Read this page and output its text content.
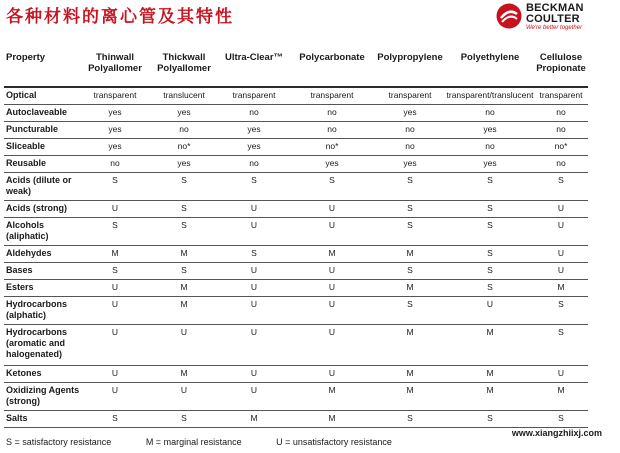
各种材料的离心管及其特性	BECKMAN
COULTER
We're better together
Property	Thinwall Polyallomer	Thickwall Polyallomer	Ultra-Clear™	Polycarbonate	Polypropylene	Polyethylene	Cellulose Propionate
Optical	transparent	translucent	transparent	transparent	transparent	transparent/translucent	transparent
Autoclaveable	yes	yes	no	no	yes	no	no
Puncturable	yes	no	yes	no	no	yes	no
Sliceable	yes	no*	yes	no*	no	no	no*
Reusable	no	yes	no	yes	yes	yes	no
Acids (dilute or weak)	S	S	S	S	S	S	S
Acids (strong)	U	S	U	U	S	S	U
Alcohols (aliphatic)	S	S	U	U	S	S	U
Aldehydes	M	M	S	M	M	S	U
Bases	S	S	U	U	S	S	U
Esters	U	M	U	U	M	S	M
Hydrocarbons (alphatic)	U	M	U	U	S	U	S
Hydrocarbons (aromatic and halogenated)	U	U	U	U	M	M	S
Ketones	U	M	U	U	M	M	U
Oxidizing Agents (strong)	U	U	U	M	M	M	M
Salts	S	S	M	M	S	S	S
S = satisfactory resistance	M = marginal resistance	U = unsatisfactory resistance
www.xiangzhiixj.com
